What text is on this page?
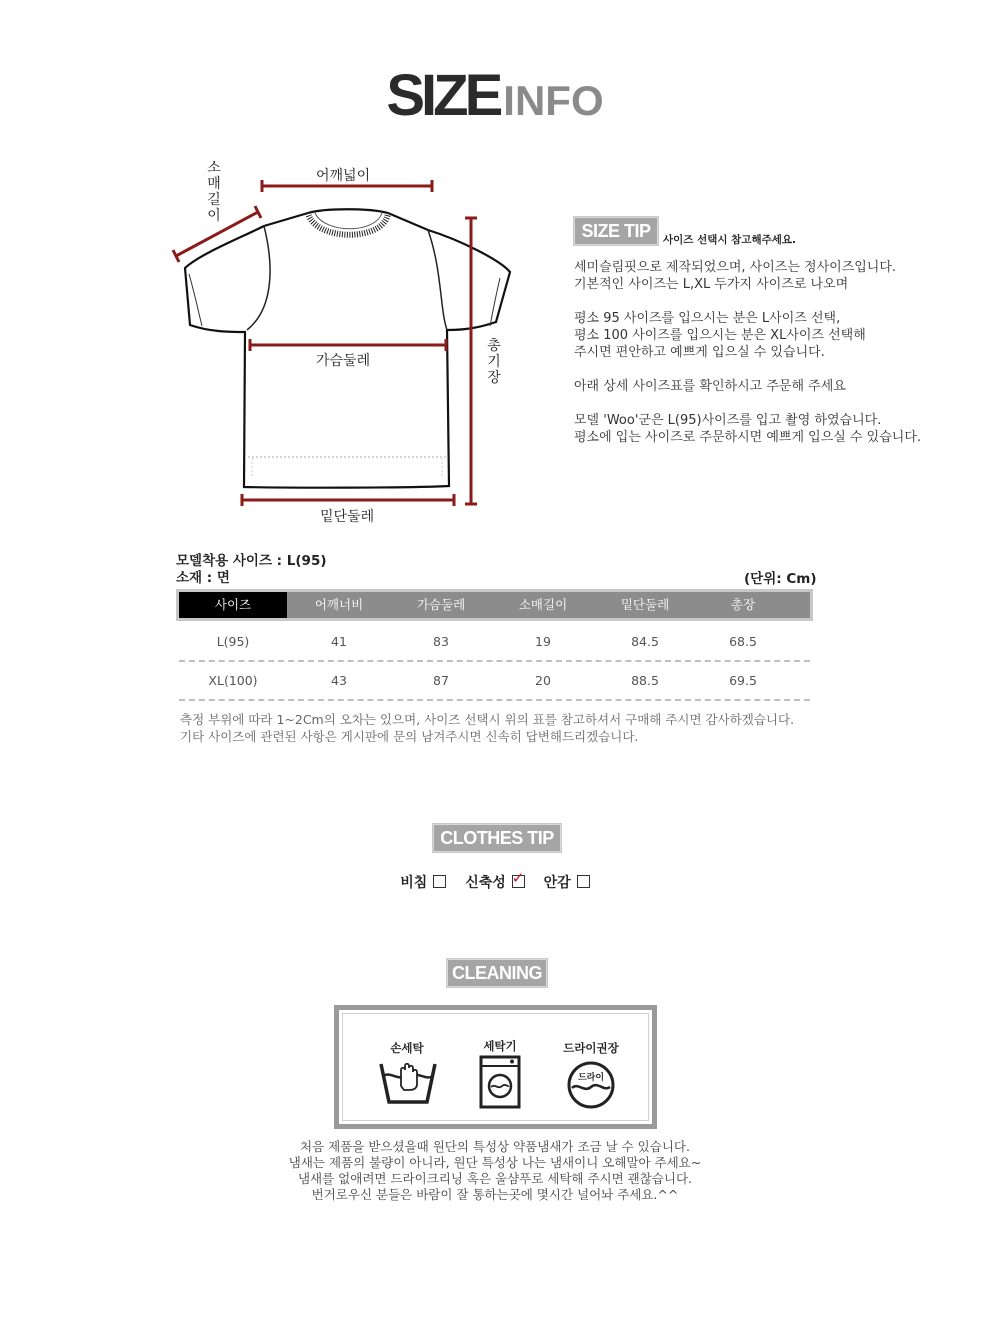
SIZEINFO
어깨넓이
가슴둘레
밑단둘레
소
매
길
이
총
기
장
SIZE TIP	사이즈 선택시 참고해주세요.

세미슬림핏으로 제작되었으며, 사이즈는 정사이즈입니다.
기본적인 사이즈는 L,XL 두가지 사이즈로 나오며

평소 95 사이즈를 입으시는 분은 L사이즈 선택,
평소 100 사이즈를 입으시는 분은 XL사이즈 선택해
주시면 편안하고 예쁘게 입으실 수 있습니다.

아래 상세 사이즈표를 확인하시고 주문해 주세요

모델 'Woo'군은 L(95)사이즈를 입고 촬영 하였습니다.
평소에 입는 사이즈로 주문하시면 예쁘게 입으실 수 있습니다.

모델착용 사이즈 : L(95)
소재 : 면	(단위: Cm)
사이즈	어깨너비	가슴둘레	소매길이	밑단둘레	총장
L(95)	41	83	19	84.5	68.5
XL(100)	43	87	20	88.5	69.5
측정 부위에 따라 1~2Cm의 오차는 있으며, 사이즈 선택시 위의 표를 참고하셔서 구매해 주시면 감사하겠습니다.
기타 사이즈에 관련된 사항은 게시판에 문의 남겨주시면 신속히 답변해드리겠습니다.
CLOTHES TIP
비침	신축성 ✓ 안감
CLEANING
손세탁	세탁기	드라이권장
드라이
처음 제품을 받으셨을때 원단의 특성상 약품냄새가 조금 날 수 있습니다.
냄새는 제품의 불량이 아니라, 원단 특성상 나는 냄새이니 오해말아 주세요~
냄새를 없애려면 드라이크리닝 혹은 울샴푸로 세탁해 주시면 괜찮습니다.
번거로우신 분들은 바람이 잘 통하는곳에 몇시간 널어놔 주세요.^^
